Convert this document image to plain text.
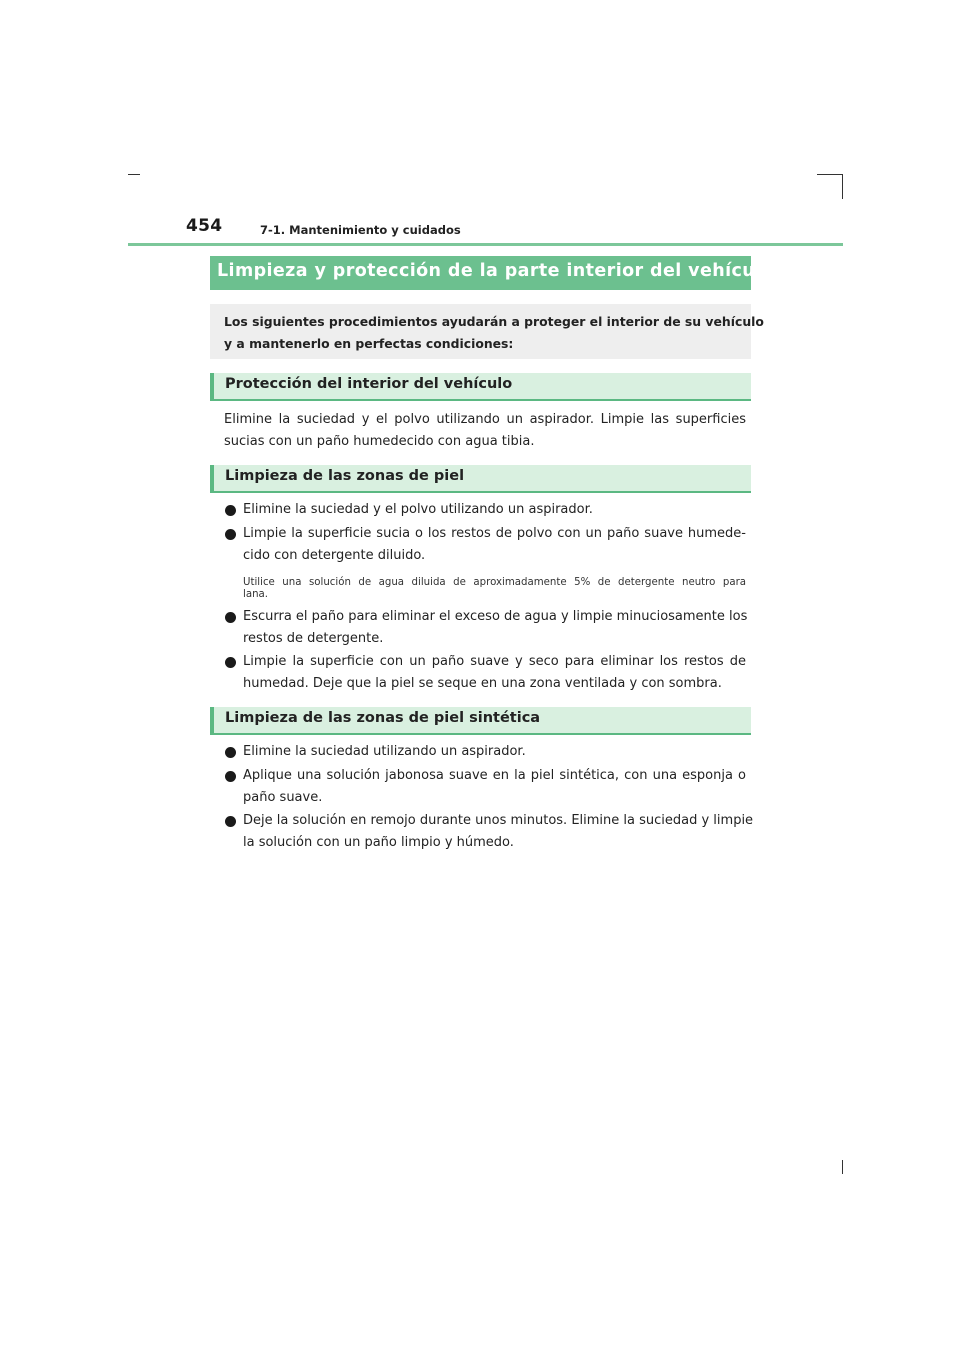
454	7-1. Mantenimiento y cuidados
Limpieza y protección de la parte interior del vehículo
Los siguientes procedimientos ayudarán a proteger el interior de su vehículo
y a mantenerlo en perfectas condiciones:
Protección del interior del vehículo
Elimine la suciedad y el polvo utilizando un aspirador. Limpie las superficies
sucias con un paño humedecido con agua tibia.
Limpieza de las zonas de piel
Elimine la suciedad y el polvo utilizando un aspirador.
Limpie la superficie sucia o los restos de polvo con un paño suave humede-
cido con detergente diluido.
Utilice una solución de agua diluida de aproximadamente 5% de detergente neutro para
lana.
Escurra el paño para eliminar el exceso de agua y limpie minuciosamente los
restos de detergente.
Limpie la superficie con un paño suave y seco para eliminar los restos de
humedad. Deje que la piel se seque en una zona ventilada y con sombra.
Limpieza de las zonas de piel sintética
Elimine la suciedad utilizando un aspirador.
Aplique una solución jabonosa suave en la piel sintética, con una esponja o
paño suave.
Deje la solución en remojo durante unos minutos. Elimine la suciedad y limpie
la solución con un paño limpio y húmedo.
